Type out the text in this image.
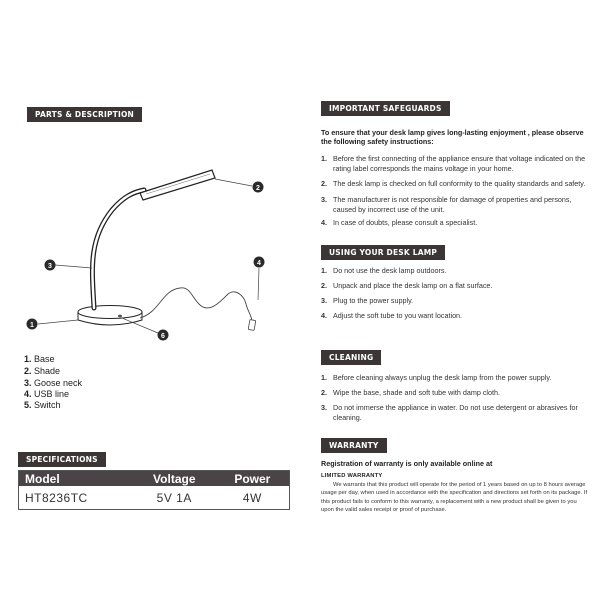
PARTS & DESCRIPTION
1
2
3	4
6
1. Base
2. Shade
3. Goose neck
4. USB line
5. Switch
SPECIFICATIONS
Model	Voltage	Power
HT8236TC	5V 1A	4W
IMPORTANT SAFEGUARDS
To ensure that your desk lamp gives long-lasting enjoyment , please observe the following safety instructions:
1. Before the first connecting of the appliance ensure that voltage indicated on the rating label corresponds the mains voltage in your home.
2. The desk lamp is checked on full conformity to the quality standards and safety.
3. The manufacturer is not responsible for damage of properties and persons, caused by incorrect use of the unit.
4. In case of doubts, please consult a specialist.
USING YOUR DESK LAMP
1. Do not use the desk lamp outdoors.
2. Unpack and place the desk lamp on a flat surface.
3. Plug to the power supply.
4. Adjust the soft tube to you want location.
CLEANING
1. Before cleaning always unplug the desk lamp from the power supply.
2. Wipe the base, shade and soft tube with damp cloth.
3. Do not immerse the appliance in water. Do not use detergent or abrasives for cleaning.
WARRANTY
Registration of warranty is only available online at
LIMITED WARRANTY
We warrants that this product will operate for the period of 1 years based on up to 8 hours average usage per day, when used in accordance with the specification and directions set forth on its package. If this product fails to conform to this warranty, a replacement with a new product shall be given to you upon the valid sales receipt or proof of purchase.
